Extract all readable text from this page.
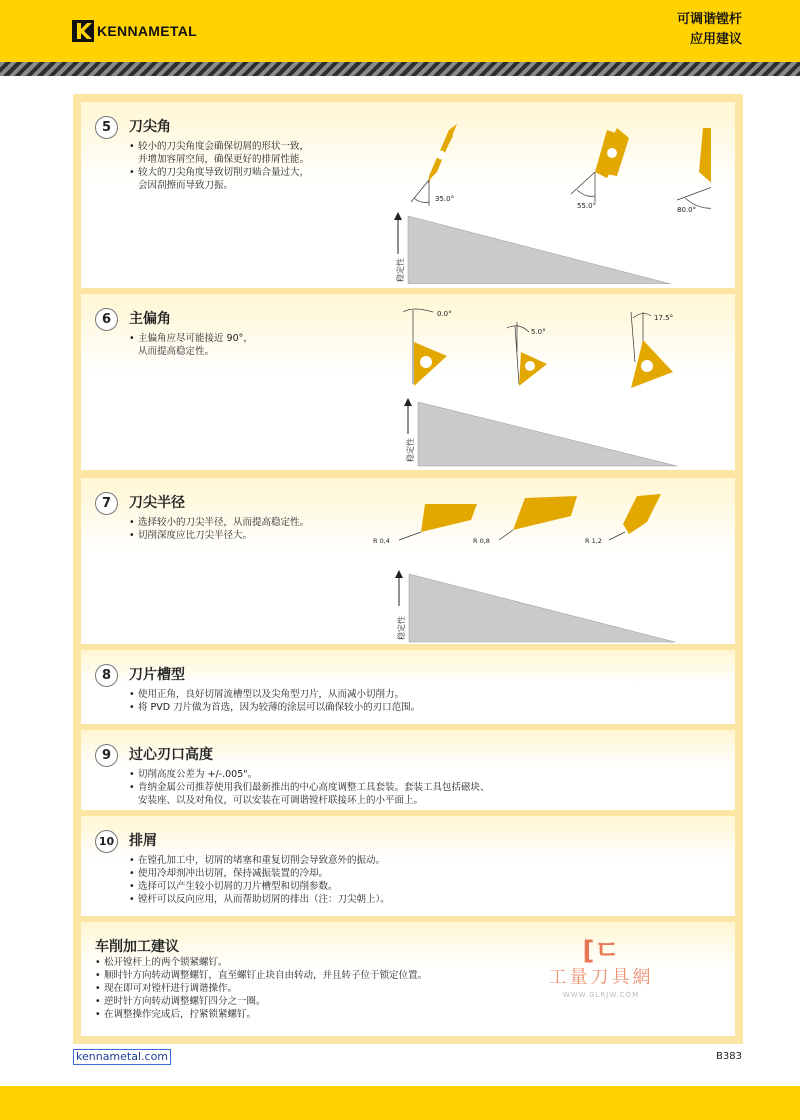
KENNAMETAL
可调谐镗杆
应用建议
5	刀尖角
• 较小的刀尖角度会确保切屑的形状一致，
并增加容屑空间，确保更好的排屑性能。
• 较大的刀尖角度导致切削刃啮合量过大，
会因刮擦而导致刀振。
35.0°
55.0°	80.0°
稳定性
6	主偏角
• 主偏角应尽可能接近 90°，
从而提高稳定性。
0.0°
5.0°
17.5°
稳定性
7	刀尖半径
• 选择较小的刀尖半径，从而提高稳定性。
• 切削深度应比刀尖半径大。	R 0,4	R 0,8	R 1,2
稳定性
8	刀片槽型
• 使用正角，良好切屑流槽型以及尖角型刀片，从而减小切削力。
• 将 PVD 刀片做为首选，因为较薄的涂层可以确保较小的刃口范围。
9	过心刃口高度
• 切削高度公差为 +/-.005"。
• 肯纳金属公司推荐使用我们最新推出的中心高度调整工具套装。套装工具包括磁块、
安装座、以及对角仪，可以安装在可调谐镗杆联接环上的小平面上。
10 排屑
• 在镗孔加工中，切屑的堵塞和重复切削会导致意外的振动。
• 使用冷却剂冲出切屑，保持减振装置的冷却。
• 选择可以产生较小切屑的刀片槽型和切削参数。
• 镗杆可以反向应用，从而帮助切屑的排出（注：刀尖朝上）。
车削加工建议
• 松开镗杆上的两个锁紧螺钉。
• 顺时针方向转动调整螺钉，直至螺钉止块自由转动，并且转子位于锁定位置。
• 现在即可对镗杆进行调谐操作。
• 逆时针方向转动调整螺钉四分之一圈。
• 在调整操作完成后，拧紧锁紧螺钉。
[ㄷ
工量刀具網
WWW.GLRJW.COM
kennametal.com	B383
